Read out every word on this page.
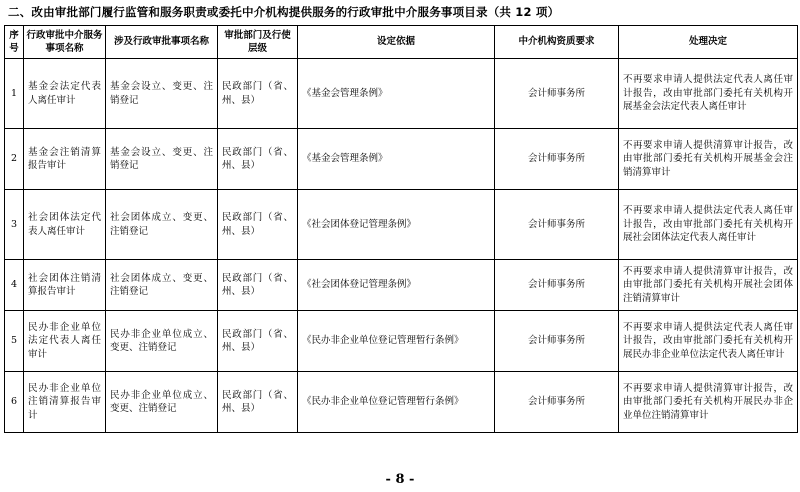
二、改由审批部门履行监管和服务职责或委托中介机构提供服务的行政审批中介服务事项目录（共 12 项）
序号	行政审批中介服务事项名称	涉及行政审批事项名称	审批部门及行使层级	设定依据	中介机构资质要求	处理决定
1	基金会法定代表人离任审计	基金会设立、变更、注销登记	民政部门（省、州、县）	《基金会管理条例》	会计师事务所	不再要求申请人提供法定代表人离任审计报告，改由审批部门委托有关机构开展基金会法定代表人离任审计
2	基金会注销清算报告审计	基金会设立、变更、注销登记	民政部门（省、州、县）	《基金会管理条例》	会计师事务所	不再要求申请人提供清算审计报告，改由审批部门委托有关机构开展基金会注销清算审计
3	社会团体法定代表人离任审计	社会团体成立、变更、注销登记	民政部门（省、州、县）	《社会团体登记管理条例》	会计师事务所	不再要求申请人提供法定代表人离任审计报告，改由审批部门委托有关机构开展社会团体法定代表人离任审计
4	社会团体注销清算报告审计	社会团体成立、变更、注销登记	民政部门（省、州、县）	《社会团体登记管理条例》	会计师事务所	不再要求申请人提供清算审计报告，改由审批部门委托有关机构开展社会团体注销清算审计
5	民办非企业单位法定代表人离任审计	民办非企业单位成立、变更、注销登记	民政部门（省、州、县）	《民办非企业单位登记管理暂行条例》	会计师事务所	不再要求申请人提供法定代表人离任审计报告，改由审批部门委托有关机构开展民办非企业单位法定代表人离任审计
6	民办非企业单位注销清算报告审计	民办非企业单位成立、变更、注销登记	民政部门（省、州、县）	《民办非企业单位登记管理暂行条例》	会计师事务所	不再要求申请人提供清算审计报告，改由审批部门委托有关机构开展民办非企业单位注销清算审计
- 8 -
